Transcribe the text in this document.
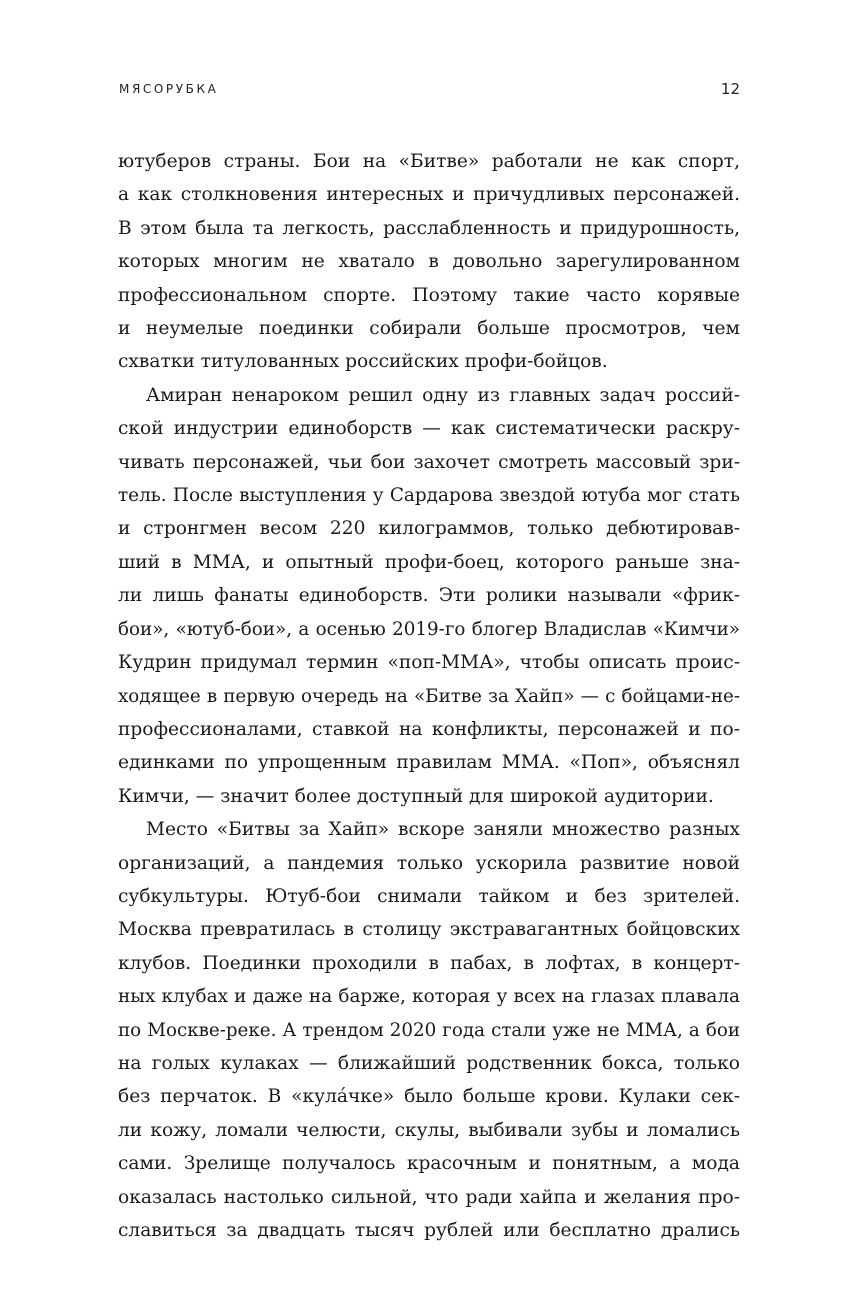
МЯСОРУБКА	12
ютуберов страны. Бои на «Битве» работали не как спорт,
а как столкновения интересных и причудливых персонажей.
В этом была та легкость, расслабленность и придурошность,
которых многим не хватало в довольно зарегулированном
профессиональном спорте. Поэтому такие часто корявые
и неумелые поединки собирали больше просмотров, чем
схватки титулованных российских профи-бойцов.
Амиран ненароком решил одну из главных задач россий-
ской индустрии единоборств — как систематически раскру-
чивать персонажей, чьи бои захочет смотреть массовый зри-
тель. После выступления у Сардарова звездой ютуба мог стать
и стронгмен весом 220 килограммов, только дебютировав-
ший в ММА, и опытный профи-боец, которого раньше зна-
ли лишь фанаты единоборств. Эти ролики называли «фрик-
бои», «ютуб-бои», а осенью 2019-го блогер Владислав «Кимчи»
Кудрин придумал термин «поп-ММА», чтобы описать проис-
ходящее в первую очередь на «Битве за Хайп» — с бойцами-не-
профессионалами, ставкой на конфликты, персонажей и по-
единками по упрощенным правилам ММА. «Поп», объяснял
Кимчи, — значит более доступный для широкой аудитории.
Место «Битвы за Хайп» вскоре заняли множество разных
организаций, а пандемия только ускорила развитие новой
субкультуры. Ютуб-бои снимали тайком и без зрителей.
Москва превратилась в столицу экстравагантных бойцовских
клубов. Поединки проходили в пабах, в лофтах, в концерт-
ных клубах и даже на барже, которая у всех на глазах плавала
по Москве-реке. А трендом 2020 года стали уже не ММА, а бои
на голых кулаках — ближайший родственник бокса, только
без перчаток. В «кула́чке» было больше крови. Кулаки сек-
ли кожу, ломали челюсти, скулы, выбивали зубы и ломались
сами. Зрелище получалось красочным и понятным, а мода
оказалась настолько сильной, что ради хайпа и желания про-
славиться за двадцать тысяч рублей или бесплатно дрались
